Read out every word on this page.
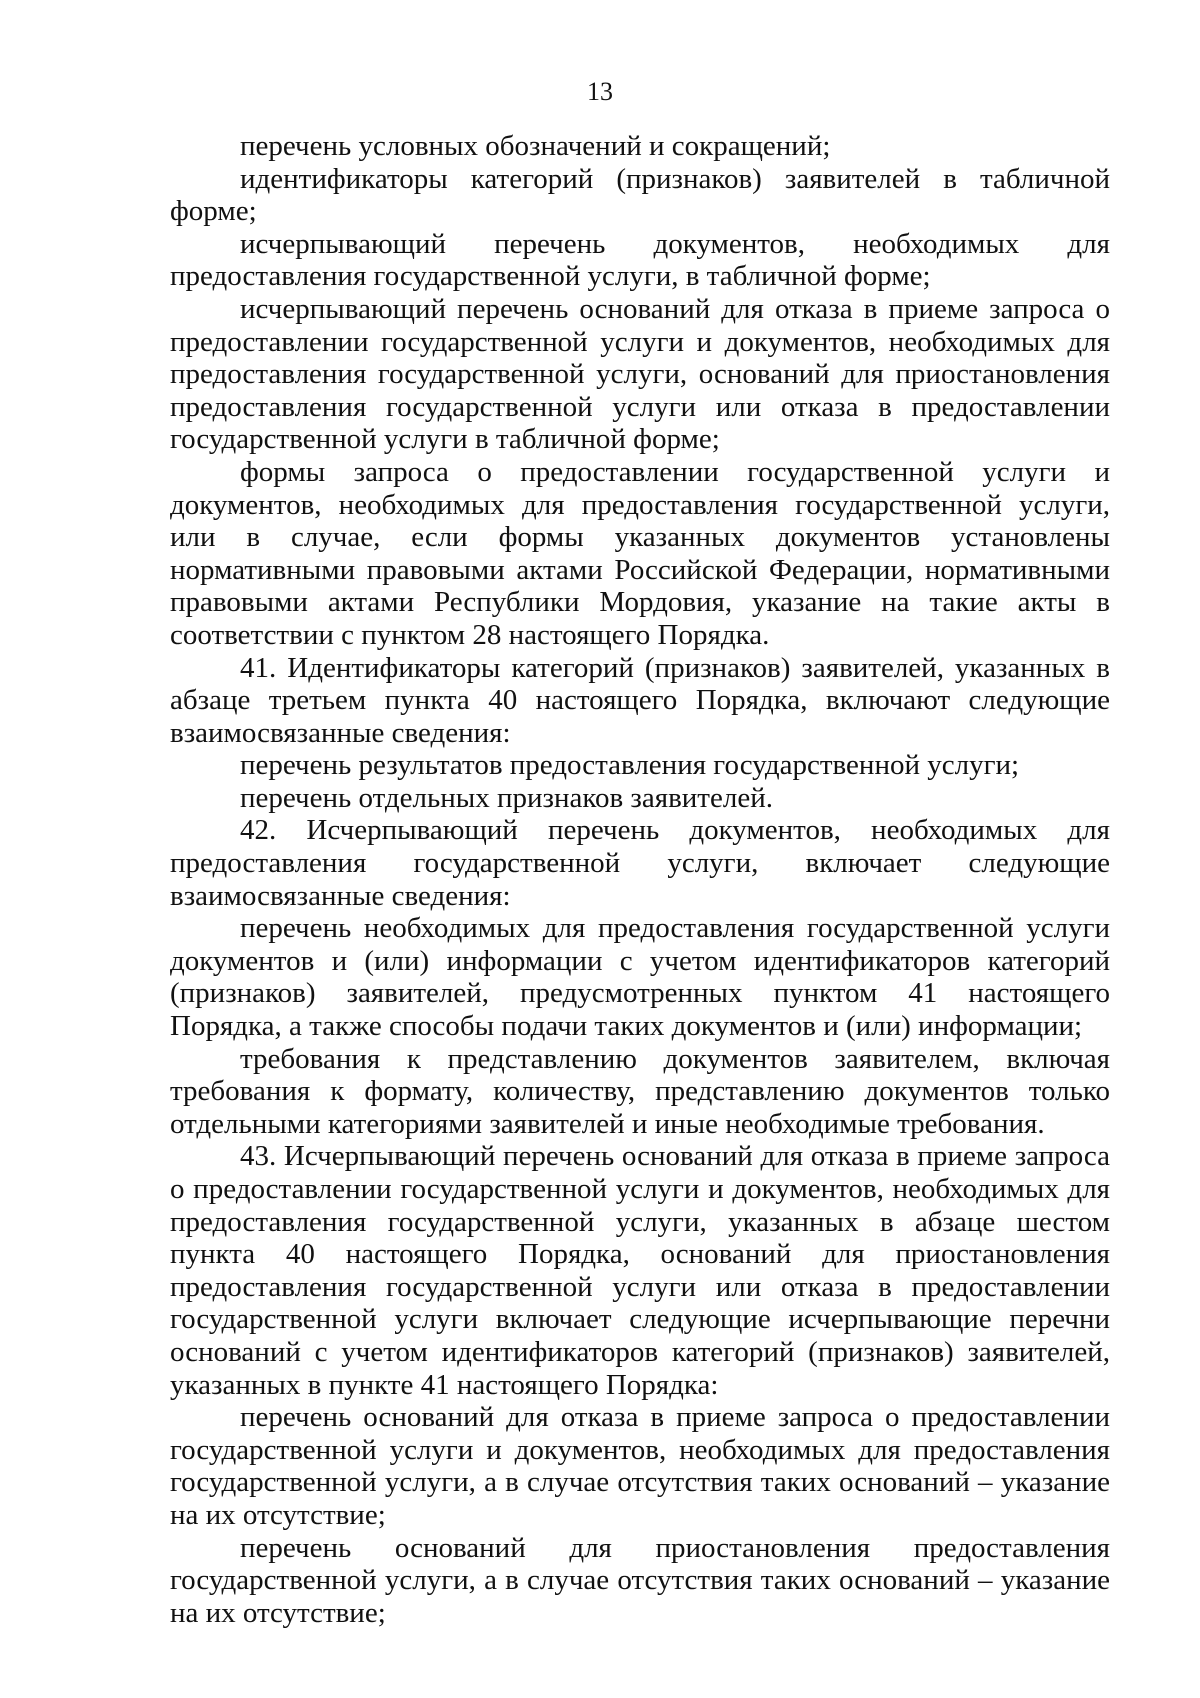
13

перечень условных обозначений и сокращений;

идентификаторы категорий (признаков) заявителей в табличной форме;

исчерпывающий перечень документов, необходимых для предоставления государственной услуги, в табличной форме;

исчерпывающий перечень оснований для отказа в приеме запроса о предоставлении государственной услуги и документов, необходимых для предоставления государственной услуги, оснований для приостановления предоставления государственной услуги или отказа в предоставлении государственной услуги в табличной форме;

формы запроса о предоставлении государственной услуги и документов, необходимых для предоставления государственной услуги, или в случае, если формы указанных документов установлены нормативными правовыми актами Российской Федерации, нормативными правовыми актами Республики Мордовия, указание на такие акты в соответствии с пунктом 28 настоящего Порядка.

41. Идентификаторы категорий (признаков) заявителей, указанных в абзаце третьем пункта 40 настоящего Порядка, включают следующие взаимосвязанные сведения:

перечень результатов предоставления государственной услуги;

перечень отдельных признаков заявителей.

42. Исчерпывающий перечень документов, необходимых для предоставления государственной услуги, включает следующие взаимосвязанные сведения:

перечень необходимых для предоставления государственной услуги документов и (или) информации с учетом идентификаторов категорий (признаков) заявителей, предусмотренных пунктом 41 настоящего Порядка, а также способы подачи таких документов и (или) информации;

требования к представлению документов заявителем, включая требования к формату, количеству, представлению документов только отдельными категориями заявителей и иные необходимые требования.

43. Исчерпывающий перечень оснований для отказа в приеме запроса о предоставлении государственной услуги и документов, необходимых для предоставления государственной услуги, указанных в абзаце шестом пункта 40 настоящего Порядка, оснований для приостановления предоставления государственной услуги или отказа в предоставлении государственной услуги включает следующие исчерпывающие перечни оснований с учетом идентификаторов категорий (признаков) заявителей, указанных в пункте 41 настоящего Порядка:

перечень оснований для отказа в приеме запроса о предоставлении государственной услуги и документов, необходимых для предоставления государственной услуги, а в случае отсутствия таких оснований – указание на их отсутствие;

перечень оснований для приостановления предоставления государственной услуги, а в случае отсутствия таких оснований – указание на их отсутствие;
